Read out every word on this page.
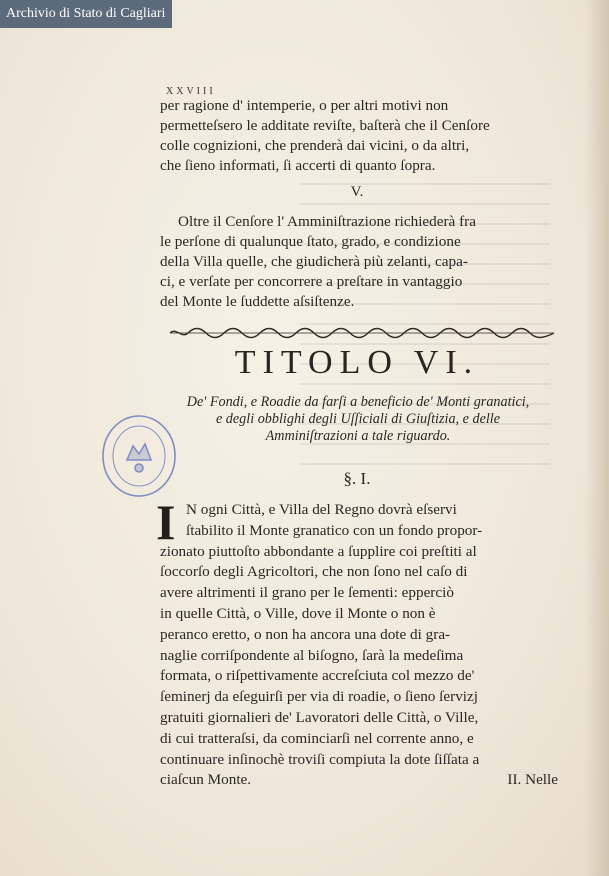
Archivio di Stato di Cagliari
XXVIII
per ragione d' intemperie, o per altri motivi non
permetteſsero le additate reviſte, baſterà che il Cenſore
colle cognizioni, che prenderà dai vicini, o da altri,
che ſieno informati, ſi accerti di quanto ſopra.
V.
Oltre il Cenſore l' Amminiſtrazione richiederà fra
le perſone di qualunque ſtato, grado, e condizione
della Villa quelle, che giudicherà più zelanti, capa-
ci, e verſate per concorrere a preſtare in vantaggio
del Monte le ſuddette aſsiſtenze.
TITOLO VI.
De' Fondi, e Roadie da farſi a beneficio de' Monti granatici,
e degli obblighi degli Uſſiciali di Giuſtizia, e delle
Amminiſtrazioni a tale riguardo.
§. I.
I N ogni Città, e Villa del Regno dovrà eſservi
ſtabilito il Monte granatico con un fondo propor-
zionato piuttoſto abbondante a ſupplire coi preſtiti al
ſoccorſo degli Agricoltori, che non ſono nel caſo di
avere altrimenti il grano per le ſementi: epperciò
in quelle Città, o Ville, dove il Monte o non è
peranco eretto, o non ha ancora una dote di gra-
naglie corriſpondente al biſogno, ſarà la medeſima
formata, o riſpettivamente accreſciuta col mezzo de'
ſeminerj da eſeguirſi per via di roadie, o ſieno ſervizj
gratuiti giornalieri de' Lavoratori delle Città, o Ville,
di cui tratteraſsi, da cominciarſi nel corrente anno, e
continuare inſinochè troviſi compiuta la dote ſiſſata a
ciaſcun Monte.	II. Nelle
